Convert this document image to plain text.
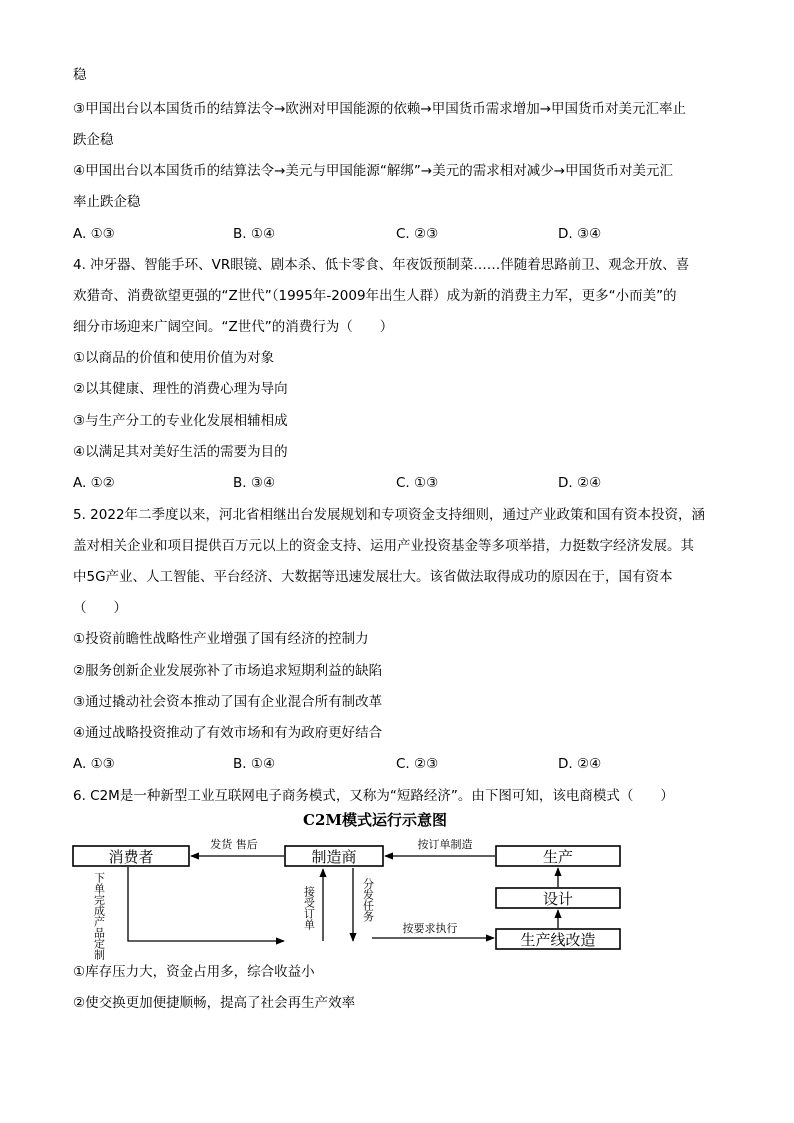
稳
③甲国出台以本国货币的结算法令→欧洲对甲国能源的依赖→甲国货币需求增加→甲国货币对美元汇率止
跌企稳
④甲国出台以本国货币的结算法令→美元与甲国能源“解绑”→美元的需求相对减少→甲国货币对美元汇
率止跌企稳
A. ①③	B. ①④	C. ②③	D. ③④
4. 冲牙器、智能手环、VR眼镜、剧本杀、低卡零食、年夜饭预制菜……伴随着思路前卫、观念开放、喜
欢猎奇、消费欲望更强的“Z世代”（1995年-2009年出生人群）成为新的消费主力军，更多“小而美”的
细分市场迎来广阔空间。“Z世代”的消费行为（　　）
①以商品的价值和使用价值为对象
②以其健康、理性的消费心理为导向
③与生产分工的专业化发展相辅相成
④以满足其对美好生活的需要为目的
A. ①②	B. ③④	C. ①③	D. ②④
5. 2022年二季度以来，河北省相继出台发展规划和专项资金支持细则，通过产业政策和国有资本投资，涵
盖对相关企业和项目提供百万元以上的资金支持、运用产业投资基金等多项举措，力挺数字经济发展。其
中5G产业、人工智能、平台经济、大数据等迅速发展壮大。该省做法取得成功的原因在于，国有资本
（　　）
①投资前瞻性战略性产业增强了国有经济的控制力
②服务创新企业发展弥补了市场追求短期利益的缺陷
③通过撬动社会资本推动了国有企业混合所有制改革
④通过战略投资推动了有效市场和有为政府更好结合
A. ①③	B. ①④	C. ②③	D. ②④
6. C2M是一种新型工业互联网电子商务模式，又称为“短路经济”。由下图可知，该电商模式（　　）
C2M模式运行示意图
消费者	制造商	生产
设计
生产线改造
发货 售后	按订单制造
按要求执行
下单完成产品定制	接受订单	分发任务
①库存压力大，资金占用多，综合收益小
②使交换更加便捷顺畅，提高了社会再生产效率
